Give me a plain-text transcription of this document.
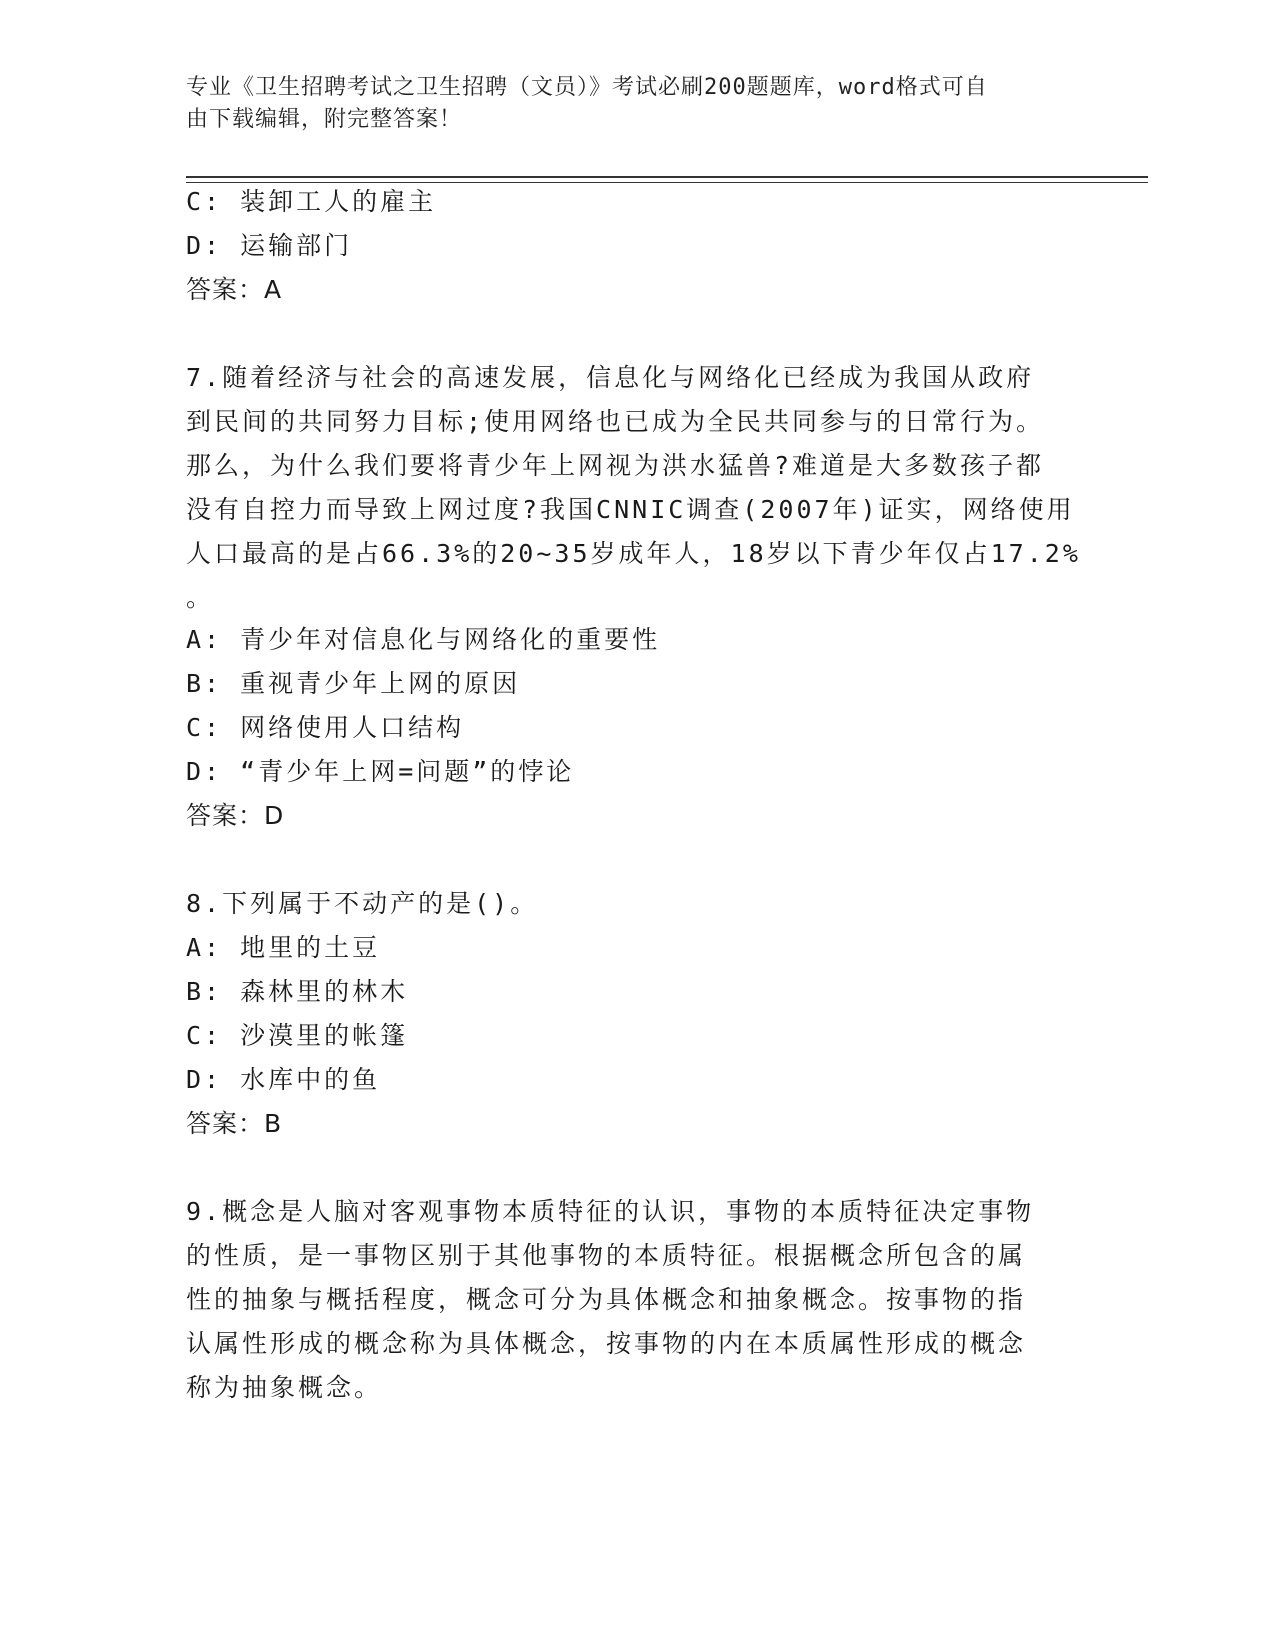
专业《卫生招聘考试之卫生招聘（文员）》考试必刷200题题库，word格式可自
由下载编辑，附完整答案！
C: 装卸工人的雇主
D: 运输部门
答案：A
7.随着经济与社会的高速发展，信息化与网络化已经成为我国从政府
到民间的共同努力目标;使用网络也已成为全民共同参与的日常行为。
那么，为什么我们要将青少年上网视为洪水猛兽?难道是大多数孩子都
没有自控力而导致上网过度?我国CNNIC调查(2007年)证实，网络使用
人口最高的是占66.3%的20~35岁成年人，18岁以下青少年仅占17.2%
。
A: 青少年对信息化与网络化的重要性
B: 重视青少年上网的原因
C: 网络使用人口结构
D: “青少年上网=问题”的悖论
答案：D
8.下列属于不动产的是()。
A: 地里的土豆
B: 森林里的林木
C: 沙漠里的帐篷
D: 水库中的鱼
答案：B
9.概念是人脑对客观事物本质特征的认识，事物的本质特征决定事物
的性质，是一事物区别于其他事物的本质特征。根据概念所包含的属
性的抽象与概括程度，概念可分为具体概念和抽象概念。按事物的指
认属性形成的概念称为具体概念，按事物的内在本质属性形成的概念
称为抽象概念。
